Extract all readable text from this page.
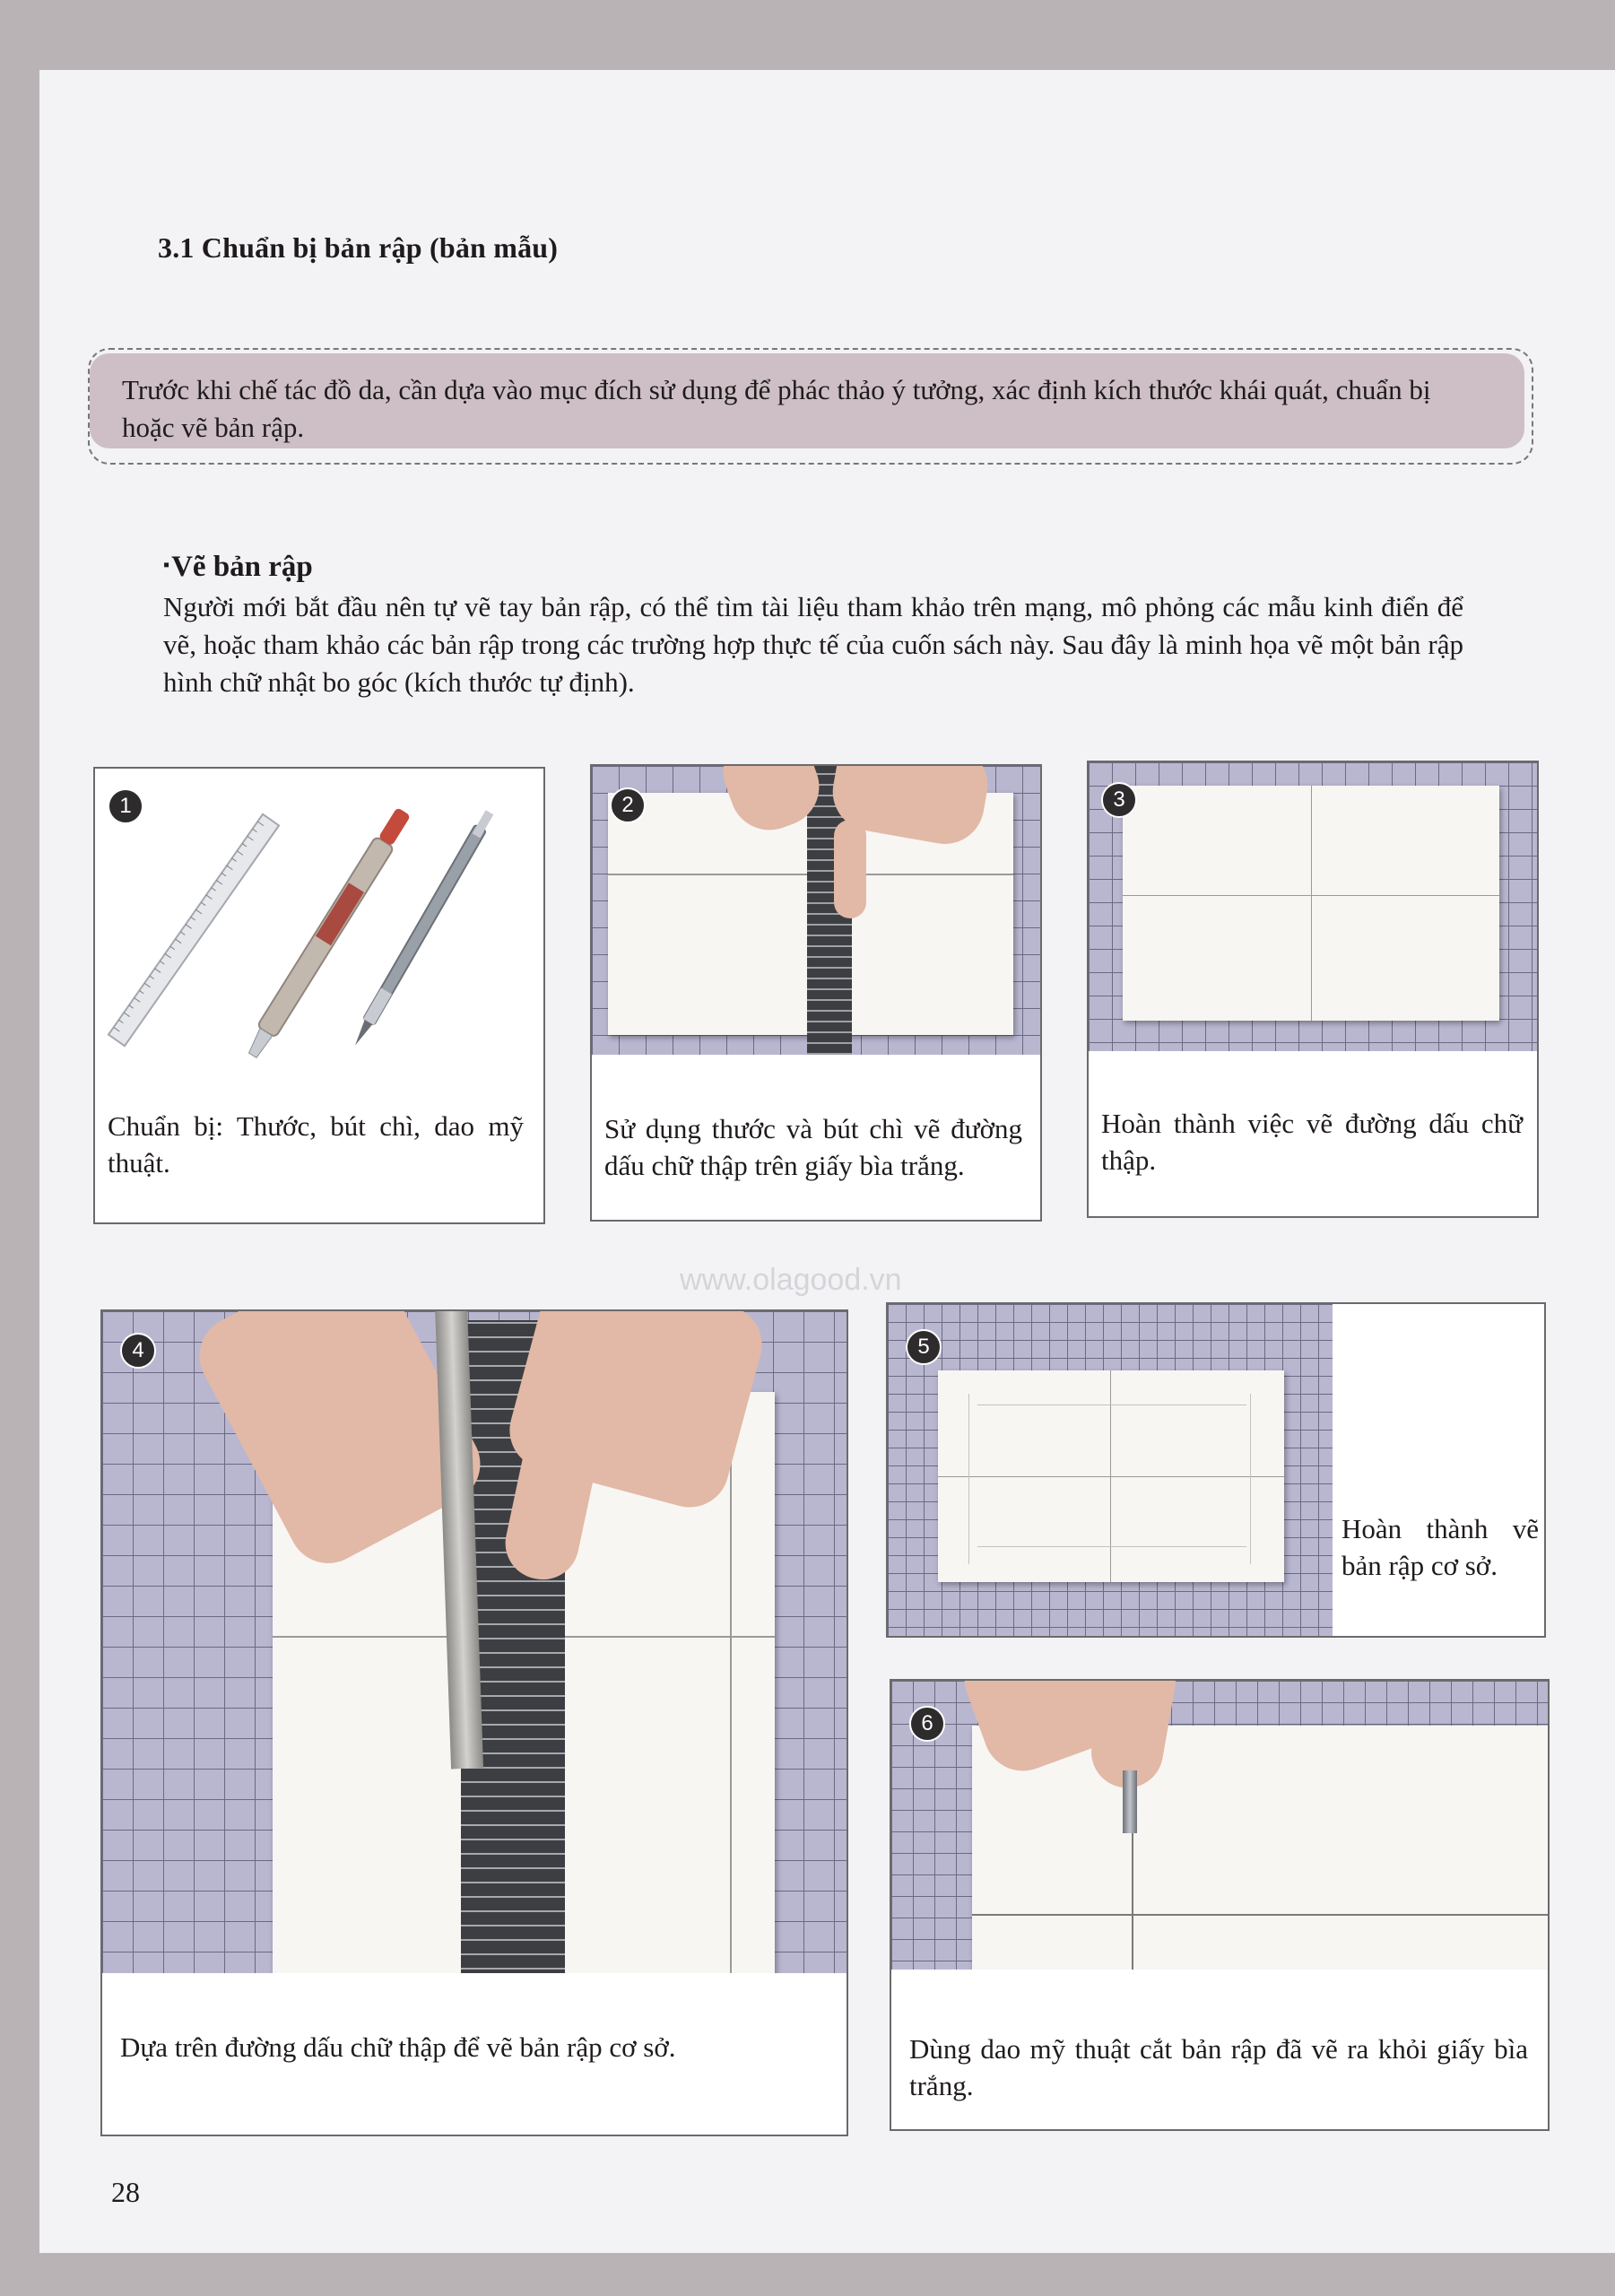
3.1 Chuẩn bị bản rập (bản mẫu)
Trước khi chế tác đồ da, cần dựa vào mục đích sử dụng để phác thảo ý tưởng, xác định kích thước khái quát, chuẩn bị hoặc vẽ bản rập.
▪Vẽ bản rập
Người mới bắt đầu nên tự vẽ tay bản rập, có thể tìm tài liệu tham khảo trên mạng, mô phỏng các mẫu kinh điển để vẽ, hoặc tham khảo các bản rập trong các trường hợp thực tế của cuốn sách này. Sau đây là minh họa vẽ một bản rập hình chữ nhật bo góc (kích thước tự định).
1
Chuẩn bị: Thước, bút chì, dao mỹ thuật.
2
Sử dụng thước và bút chì vẽ đường dấu chữ thập trên giấy bìa trắng.
3
Hoàn thành việc vẽ đường dấu chữ thập.
www.olagood.vn
4
Dựa trên đường dấu chữ thập để vẽ bản rập cơ sở.
5
Hoàn thành vẽ bản rập cơ sở.
6
Dùng dao mỹ thuật cắt bản rập đã vẽ ra khỏi giấy bìa trắng.
28
